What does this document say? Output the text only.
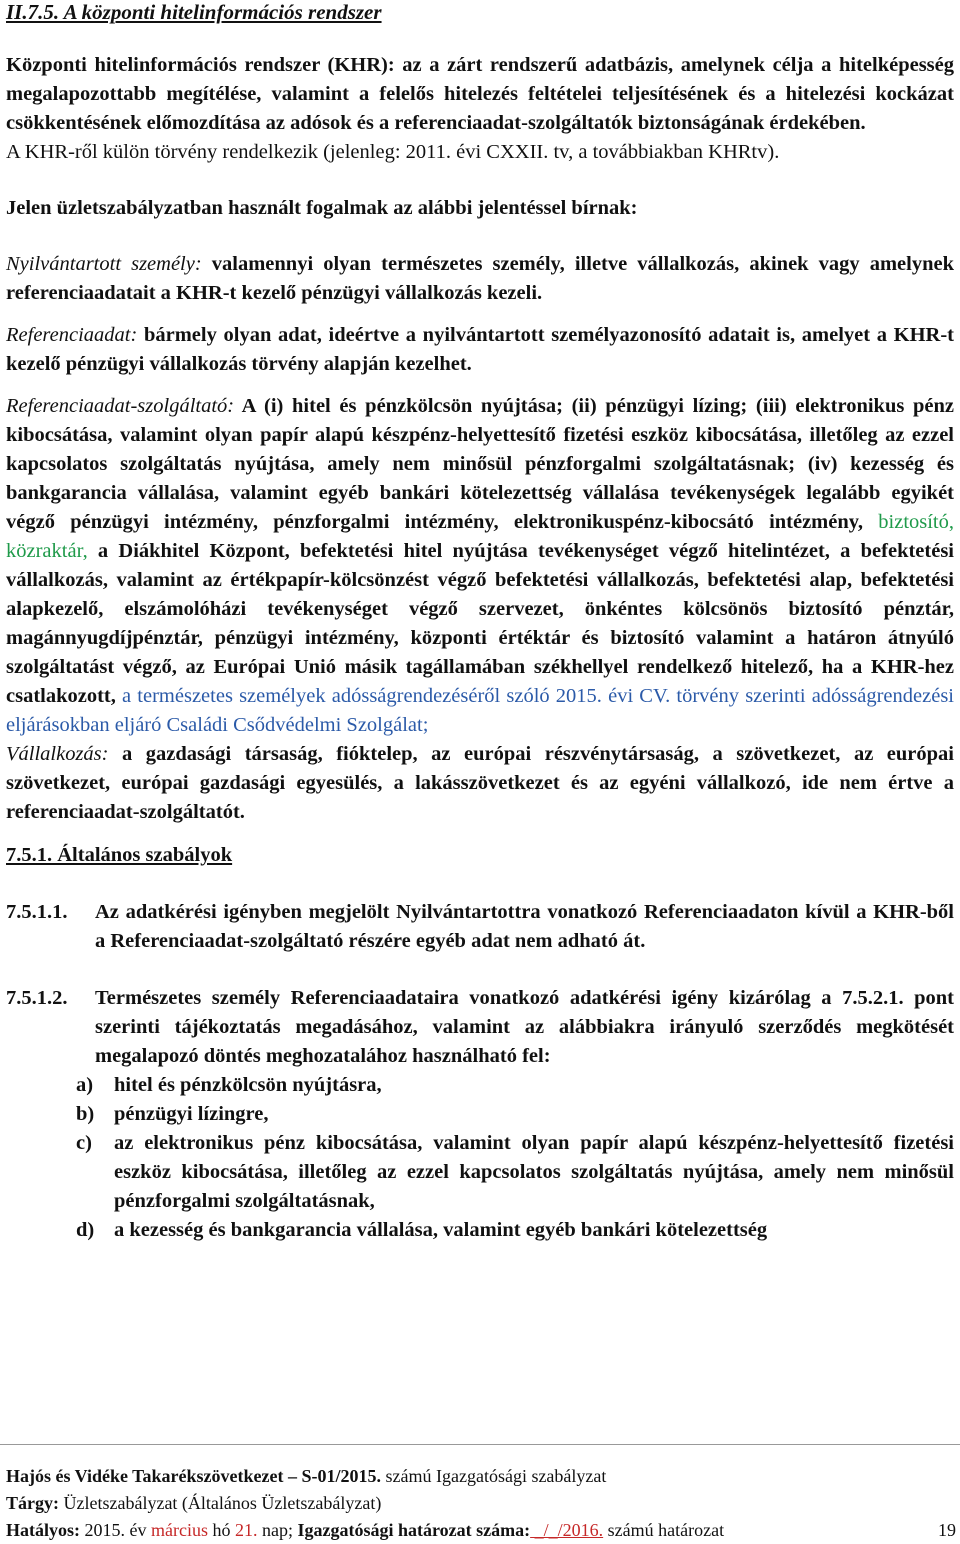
II.7.5. A központi hitelinformációs rendszer

Központi hitelinformációs rendszer (KHR): az a zárt rendszerű adatbázis, amelynek célja a hitelképesség megalapozottabb megítélése, valamint a felelős hitelezés feltételei teljesítésének és a hitelezési kockázat csökkentésének előmozdítása az adósok és a referenciaadat-szolgáltatók biztonságának érdekében.

A KHR-ről külön törvény rendelkezik (jelenleg: 2011. évi CXXII. tv, a továbbiakban KHRtv).

Jelen üzletszabályzatban használt fogalmak az alábbi jelentéssel bírnak:

Nyilvántartott személy: valamennyi olyan természetes személy, illetve vállalkozás, akinek vagy amelynek referenciaadatait a KHR-t kezelő pénzügyi vállalkozás kezeli.

Referenciaadat: bármely olyan adat, ideértve a nyilvántartott személyazonosító adatait is, amelyet a KHR-t kezelő pénzügyi vállalkozás törvény alapján kezelhet.

Referenciaadat-szolgáltató: A (i) hitel és pénzkölcsön nyújtása; (ii) pénzügyi lízing; (iii) elektronikus pénz kibocsátása, valamint olyan papír alapú készpénz-helyettesítő fizetési eszköz kibocsátása, illetőleg az ezzel kapcsolatos szolgáltatás nyújtása, amely nem minősül pénzforgalmi szolgáltatásnak; (iv) kezesség és bankgarancia vállalása, valamint egyéb bankári kötelezettség vállalása tevékenységek legalább egyikét végző pénzügyi intézmény, pénzforgalmi intézmény, elektronikuspénz-kibocsátó intézmény, biztosító, közraktár, a Diákhitel Központ, befektetési hitel nyújtása tevékenységet végző hitelintézet, a befektetési vállalkozás, valamint az értékpapír-kölcsönzést végző befektetési vállalkozás, befektetési alap, befektetési alapkezelő, elszámolóházi tevékenységet végző szervezet, önkéntes kölcsönös biztosító pénztár, magánnyugdíjpénztár, pénzügyi intézmény, központi értéktár és biztosító valamint a határon átnyúló szolgáltatást végző, az Európai Unió másik tagállamában székhellyel rendelkező hitelező, ha a KHR-hez csatlakozott, a természetes személyek adósságrendezéséről szóló 2015. évi CV. törvény szerinti adósságrendezési eljárásokban eljáró Családi Csődvédelmi Szolgálat;

Vállalkozás: a gazdasági társaság, fióktelep, az európai részvénytársaság, a szövetkezet, az európai szövetkezet, európai gazdasági egyesülés, a lakásszövetkezet és az egyéni vállalkozó, ide nem értve a referenciaadat-szolgáltatót.

7.5.1. Általános szabályok

7.5.1.1. Az adatkérési igényben megjelölt Nyilvántartottra vonatkozó Referenciaadaton kívül a KHR-ből a Referenciaadat-szolgáltató részére egyéb adat nem adható át.
7.5.1.2. Természetes személy Referenciaadataira vonatkozó adatkérési igény kizárólag a 7.5.2.1. pont szerinti tájékoztatás megadásához, valamint az alábbiakra irányuló szerződés megkötését megalapozó döntés meghozatalához használható fel:
a) hitel és pénzkölcsön nyújtásra,
b) pénzügyi lízingre,
c) az elektronikus pénz kibocsátása, valamint olyan papír alapú készpénz-helyettesítő fizetési eszköz kibocsátása, illetőleg az ezzel kapcsolatos szolgáltatás nyújtása, amely nem minősül pénzforgalmi szolgáltatásnak,
d) a kezesség és bankgarancia vállalása, valamint egyéb bankári kötelezettség
Hajós és Vidéke Takarékszövetkezet – S-01/2015. számú Igazgatósági szabályzat
Tárgy: Üzletszabályzat (Általános Üzletszabályzat)
Hatályos: 2015. év március hó 21. nap; Igazgatósági határozat száma: _/_/2016. számú határozat	19
